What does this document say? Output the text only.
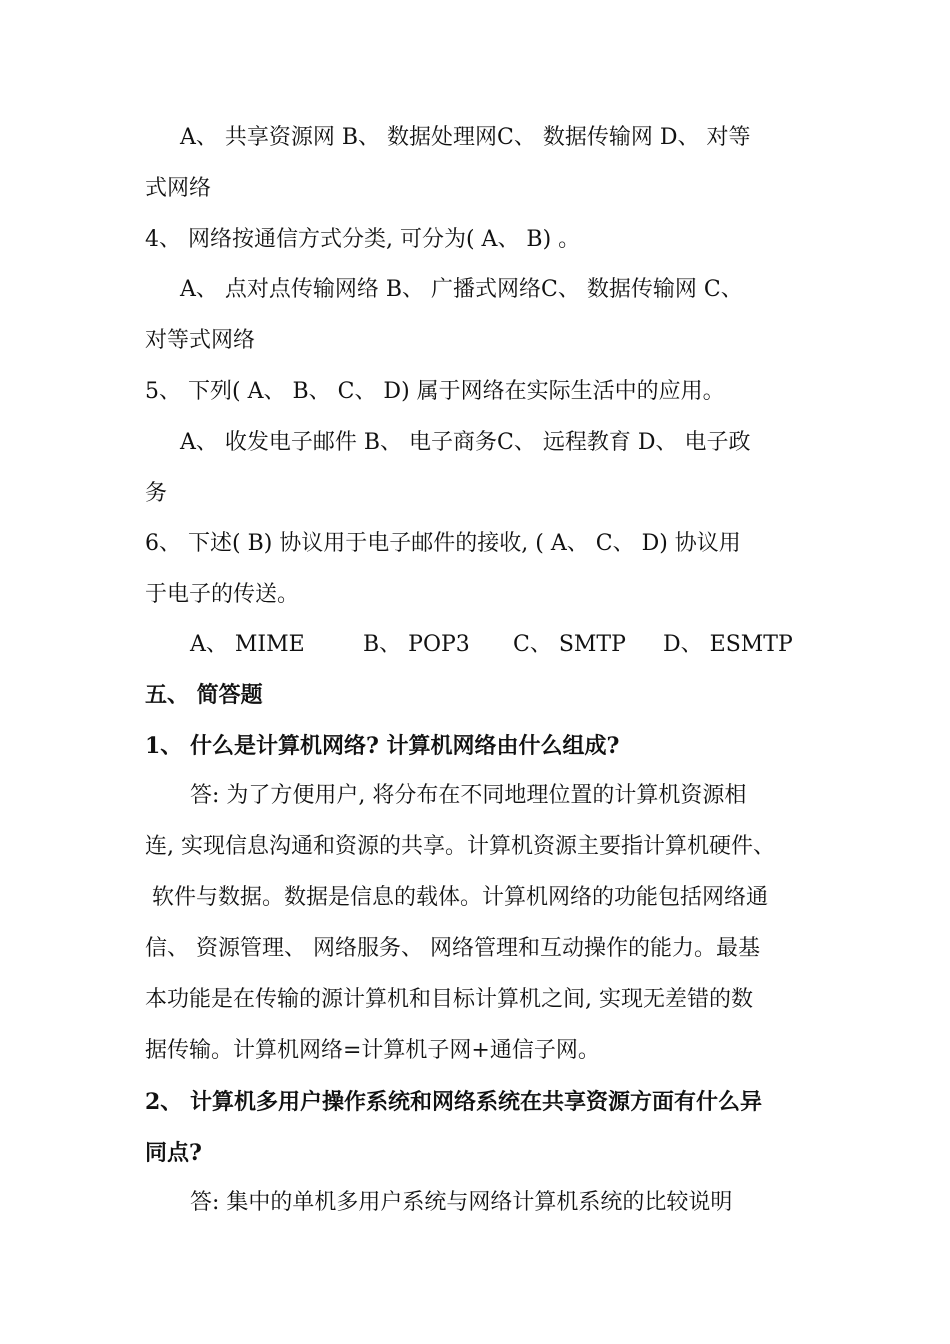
A、 共享资源网 B、 数据处理网C、 数据传输网 D、 对等
式网络
4、 网络按通信方式分类, 可分为( A、 B) 。
A、 点对点传输网络 B、 广播式网络C、 数据传输网 C、
对等式网络
5、 下列( A、 B、 C、 D) 属于网络在实际生活中的应用。
A、 收发电子邮件 B、 电子商务C、 远程教育 D、 电子政
务
6、 下述( B) 协议用于电子邮件的接收, ( A、 C、 D) 协议用
于电子的传送。
A、 MIME	B、 POP3 C、 SMTP D、 ESMTP
五、 简答题
1、 什么是计算机网络? 计算机网络由什么组成?
答: 为了方便用户, 将分布在不同地理位置的计算机资源相
连, 实现信息沟通和资源的共享。计算机资源主要指计算机硬件、
软件与数据。数据是信息的载体。计算机网络的功能包括网络通
信、 资源管理、 网络服务、 网络管理和互动操作的能力。最基
本功能是在传输的源计算机和目标计算机之间, 实现无差错的数
据传输。计算机网络=计算机子网+通信子网。
2、 计算机多用户操作系统和网络系统在共享资源方面有什么异
同点?
答: 集中的单机多用户系统与网络计算机系统的比较说明
